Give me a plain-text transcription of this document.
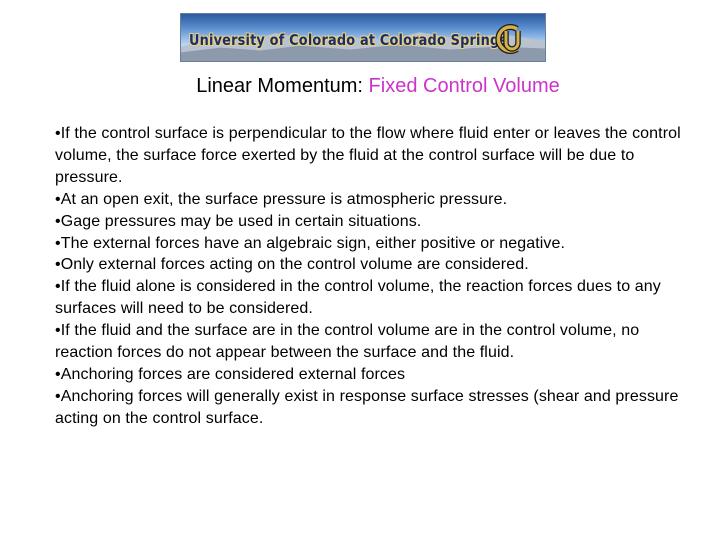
University of Colorado at Colorado Springs
Linear Momentum: Fixed Control Volume

•If the control surface is perpendicular to the flow where fluid enter or leaves the control volume, the surface force exerted by the fluid at the control surface will be due to pressure.

•At an open exit, the surface pressure is atmospheric pressure.

•Gage pressures may be used in certain situations.

•The external forces have an algebraic sign, either positive or negative.

•Only external forces acting on the control volume are considered.

•If the fluid alone is considered in the control volume, the reaction forces dues to any surfaces will need to be considered.

•If the fluid and the surface are in the control volume are in the control volume, no reaction forces do not appear between the surface and the fluid.

•Anchoring forces are considered external forces

•Anchoring forces will generally exist in response surface stresses (shear and pressure acting on the control surface.
